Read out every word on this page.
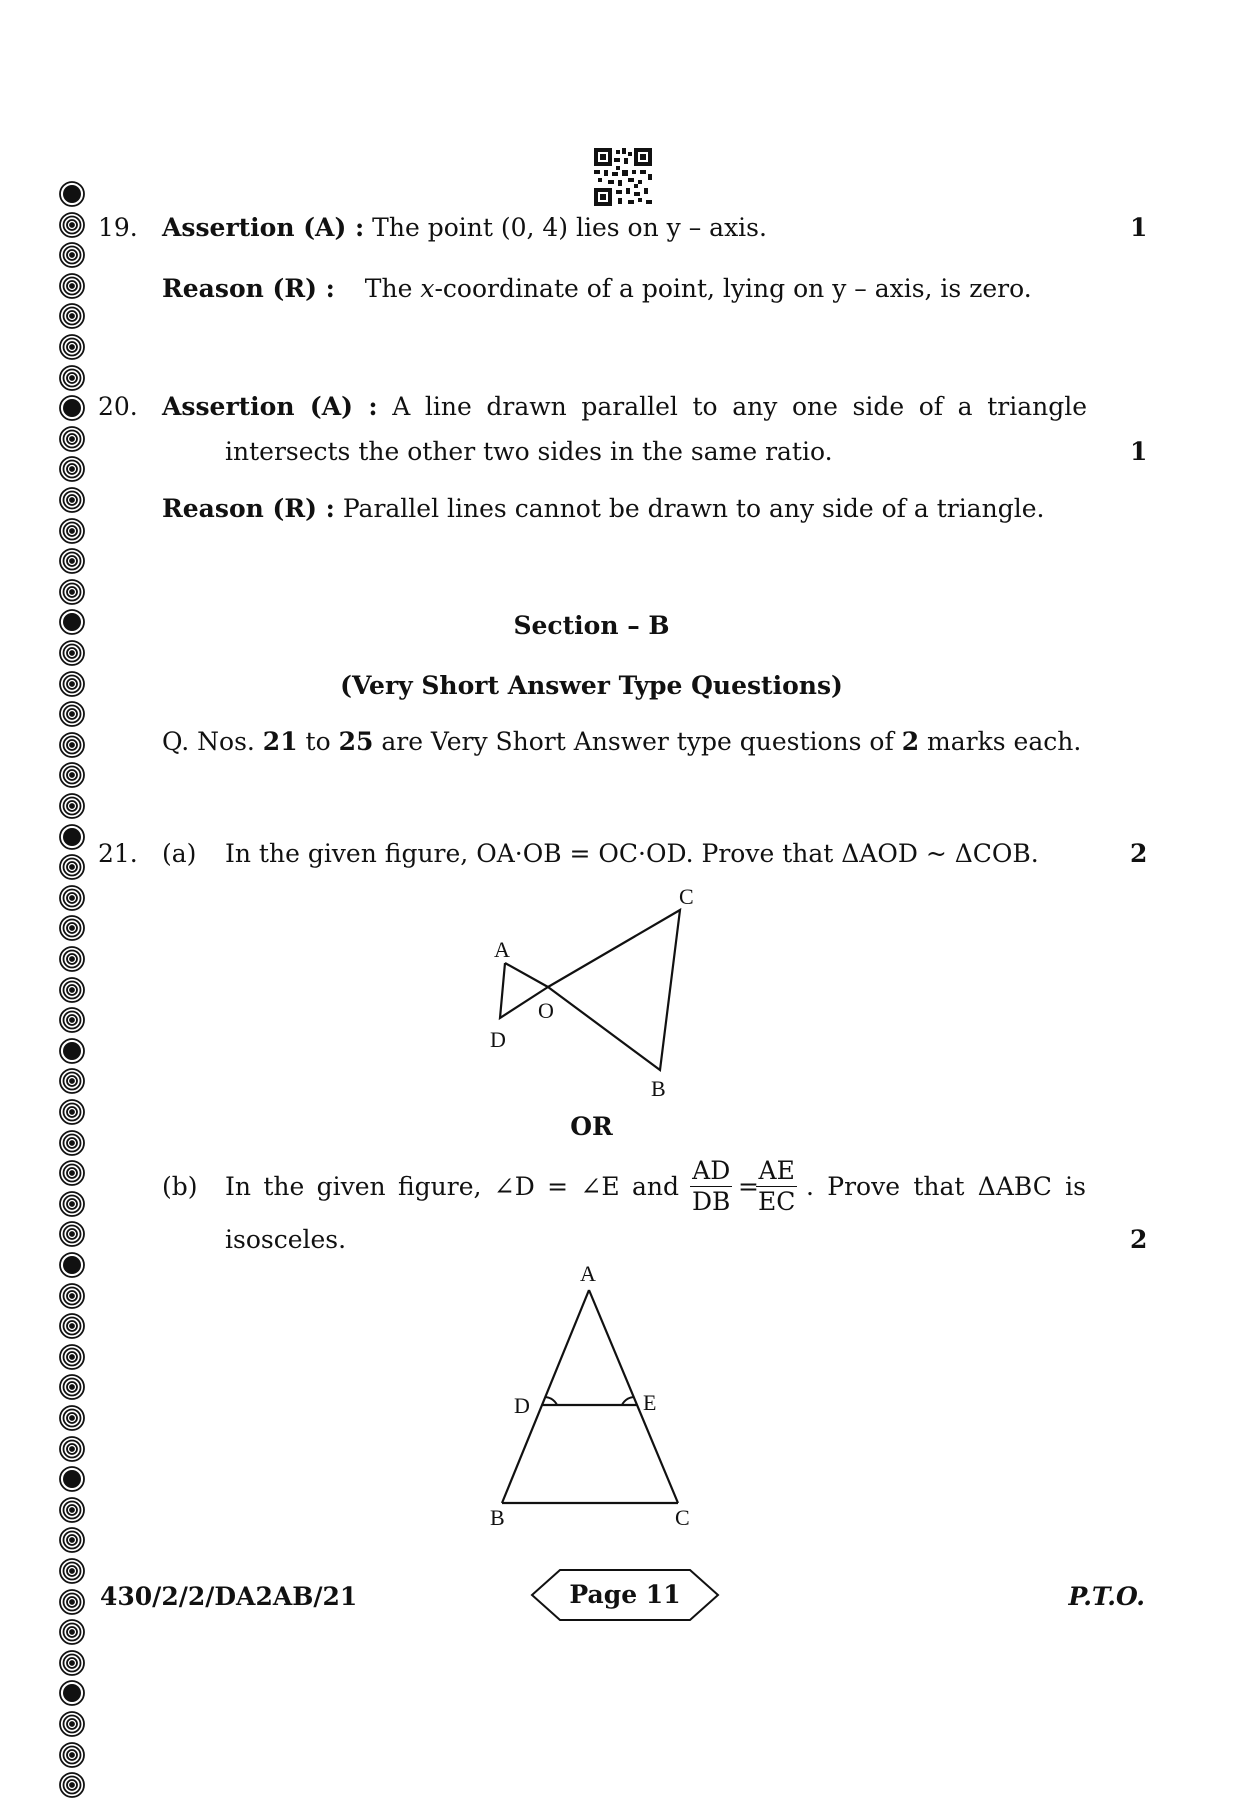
19. Assertion (A) : The point (0, 4) lies on y – axis.	1
Reason (R) : The x-coordinate of a point, lying on y – axis, is zero.
20. Assertion (A) : A line drawn parallel to any one side of a triangle
intersects the other two sides in the same ratio.	1
Reason (R) : Parallel lines cannot be drawn to any side of a triangle.
Section – B
(Very Short Answer Type Questions)
Q. Nos. 21 to 25 are Very Short Answer type questions of 2 marks each.
21. (a) In the given figure, OA·OB = OC·OD. Prove that ΔAOD ~ ΔCOB.	2
C
A
O
D
B
OR
(b) In the given figure, ∠D = ∠E and $\frac{AD}{DB}$ =
$\frac{AE}{EC}$ . Prove that ΔABC is
isosceles.	2
A
D	E
B	C
430/2/2/DA2AB/21	Page 11	P.T.O.
